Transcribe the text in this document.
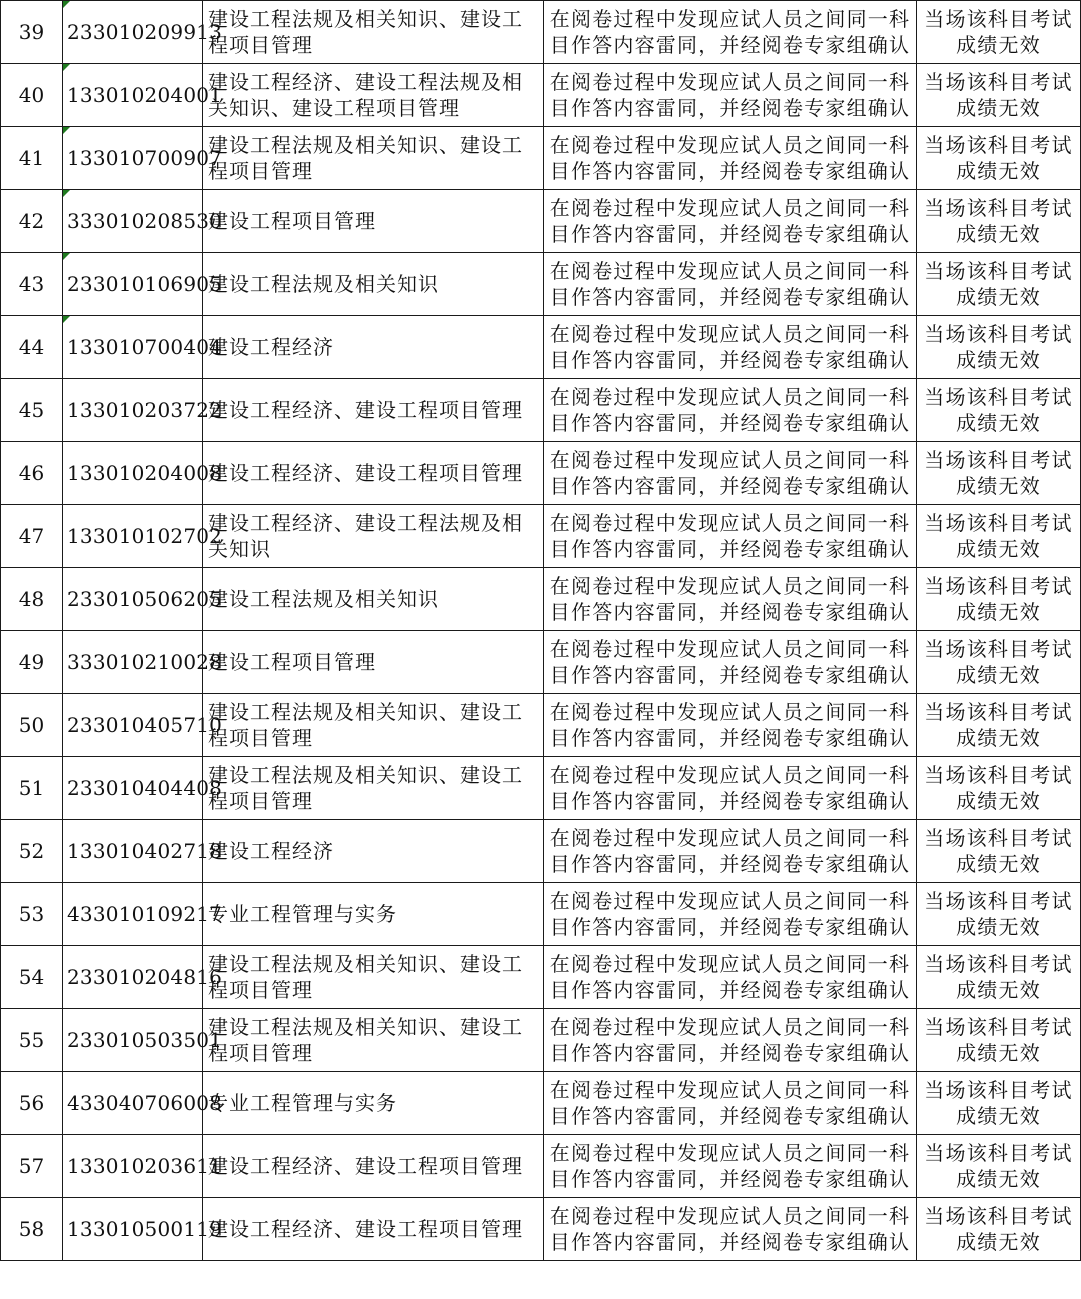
39	233010209913	建设工程法规及相关知识、建设工程项目管理	在阅卷过程中发现应试人员之间同一科目作答内容雷同，并经阅卷专家组确认	当场该科目考试成绩无效
40	133010204001	建设工程经济、建设工程法规及相关知识、建设工程项目管理	在阅卷过程中发现应试人员之间同一科目作答内容雷同，并经阅卷专家组确认	当场该科目考试成绩无效
41	133010700907	建设工程法规及相关知识、建设工程项目管理	在阅卷过程中发现应试人员之间同一科目作答内容雷同，并经阅卷专家组确认	当场该科目考试成绩无效
42	333010208530	建设工程项目管理	在阅卷过程中发现应试人员之间同一科目作答内容雷同，并经阅卷专家组确认	当场该科目考试成绩无效
43	233010106905	建设工程法规及相关知识	在阅卷过程中发现应试人员之间同一科目作答内容雷同，并经阅卷专家组确认	当场该科目考试成绩无效
44	133010700404	建设工程经济	在阅卷过程中发现应试人员之间同一科目作答内容雷同，并经阅卷专家组确认	当场该科目考试成绩无效
45	133010203722	建设工程经济、建设工程项目管理	在阅卷过程中发现应试人员之间同一科目作答内容雷同，并经阅卷专家组确认	当场该科目考试成绩无效
46	133010204008	建设工程经济、建设工程项目管理	在阅卷过程中发现应试人员之间同一科目作答内容雷同，并经阅卷专家组确认	当场该科目考试成绩无效
47	133010102702	建设工程经济、建设工程法规及相关知识	在阅卷过程中发现应试人员之间同一科目作答内容雷同，并经阅卷专家组确认	当场该科目考试成绩无效
48	233010506205	建设工程法规及相关知识	在阅卷过程中发现应试人员之间同一科目作答内容雷同，并经阅卷专家组确认	当场该科目考试成绩无效
49	333010210028	建设工程项目管理	在阅卷过程中发现应试人员之间同一科目作答内容雷同，并经阅卷专家组确认	当场该科目考试成绩无效
50	233010405710	建设工程法规及相关知识、建设工程项目管理	在阅卷过程中发现应试人员之间同一科目作答内容雷同，并经阅卷专家组确认	当场该科目考试成绩无效
51	233010404408	建设工程法规及相关知识、建设工程项目管理	在阅卷过程中发现应试人员之间同一科目作答内容雷同，并经阅卷专家组确认	当场该科目考试成绩无效
52	133010402718	建设工程经济	在阅卷过程中发现应试人员之间同一科目作答内容雷同，并经阅卷专家组确认	当场该科目考试成绩无效
53	433010109217	专业工程管理与实务	在阅卷过程中发现应试人员之间同一科目作答内容雷同，并经阅卷专家组确认	当场该科目考试成绩无效
54	233010204816	建设工程法规及相关知识、建设工程项目管理	在阅卷过程中发现应试人员之间同一科目作答内容雷同，并经阅卷专家组确认	当场该科目考试成绩无效
55	233010503501	建设工程法规及相关知识、建设工程项目管理	在阅卷过程中发现应试人员之间同一科目作答内容雷同，并经阅卷专家组确认	当场该科目考试成绩无效
56	433040706008	专业工程管理与实务	在阅卷过程中发现应试人员之间同一科目作答内容雷同，并经阅卷专家组确认	当场该科目考试成绩无效
57	133010203611	建设工程经济、建设工程项目管理	在阅卷过程中发现应试人员之间同一科目作答内容雷同，并经阅卷专家组确认	当场该科目考试成绩无效
58	133010500119	建设工程经济、建设工程项目管理	在阅卷过程中发现应试人员之间同一科目作答内容雷同，并经阅卷专家组确认	当场该科目考试成绩无效
